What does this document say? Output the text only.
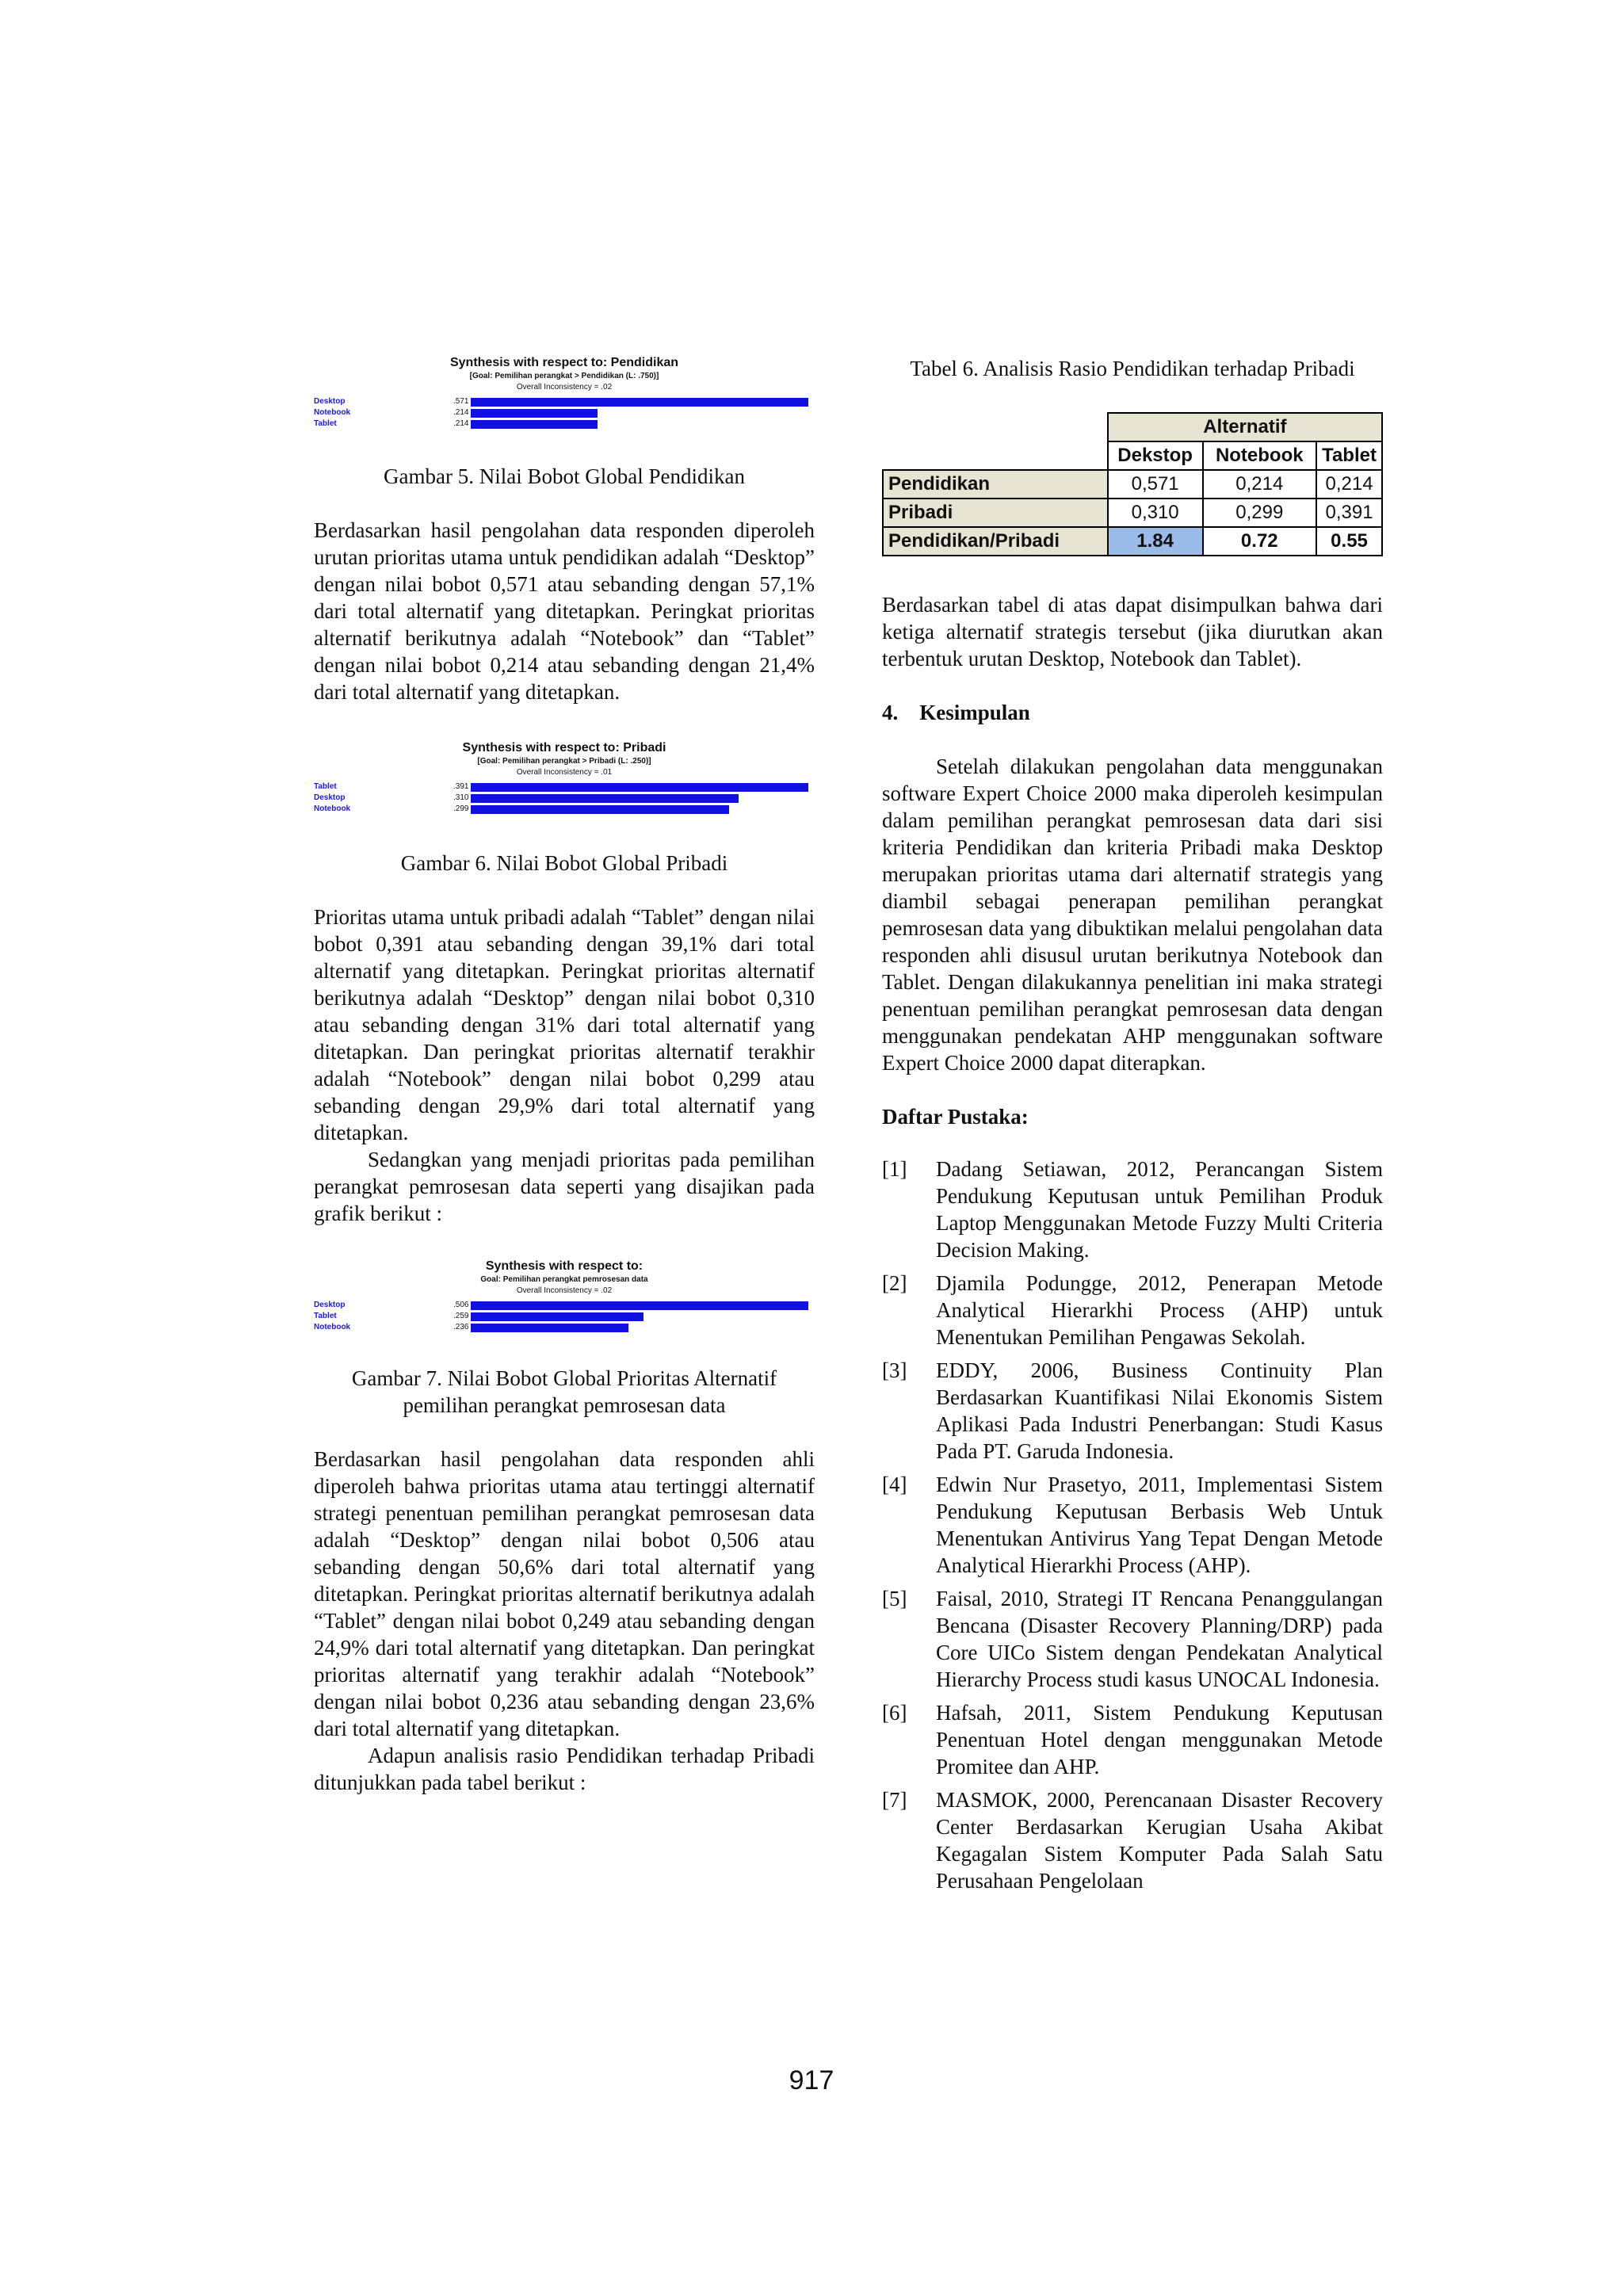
Synthesis with respect to: Pendidikan
[Goal: Pemilihan perangkat > Pendidikan (L: .750)]
Overall Inconsistency = .02
Desktop	.571
Notebook	.214
Tablet	.214

Gambar 5. Nilai Bobot Global Pendidikan

Berdasarkan hasil pengolahan data responden diperoleh urutan prioritas utama untuk pendidikan adalah “Desktop” dengan nilai bobot 0,571 atau sebanding dengan 57,1% dari total alternatif yang ditetapkan. Peringkat prioritas alternatif berikutnya adalah “Notebook” dan “Tablet” dengan nilai bobot 0,214 atau sebanding dengan 21,4% dari total alternatif yang ditetapkan.

Synthesis with respect to: Pribadi
[Goal: Pemilihan perangkat > Pribadi (L: .250)]
Overall Inconsistency = .01
Tablet	.391
Desktop	.310
Notebook	.299

Gambar 6. Nilai Bobot Global Pribadi

Prioritas utama untuk pribadi adalah “Tablet” dengan nilai bobot 0,391 atau sebanding dengan 39,1% dari total alternatif yang ditetapkan. Peringkat prioritas alternatif berikutnya adalah “Desktop” dengan nilai bobot 0,310 atau sebanding dengan 31% dari total alternatif yang ditetapkan. Dan peringkat prioritas alternatif terakhir adalah “Notebook” dengan nilai bobot 0,299 atau sebanding dengan 29,9% dari total alternatif yang ditetapkan.

Sedangkan yang menjadi prioritas pada pemilihan perangkat pemrosesan data seperti yang disajikan pada grafik berikut :

Synthesis with respect to:
Goal: Pemilihan perangkat pemrosesan data
Overall Inconsistency = .02
Desktop	.506
Tablet	.259
Notebook	.236

Gambar 7. Nilai Bobot Global Prioritas Alternatif

pemilihan perangkat pemrosesan data

Berdasarkan hasil pengolahan data responden ahli diperoleh bahwa prioritas utama atau tertinggi alternatif strategi penentuan pemilihan perangkat pemrosesan data adalah “Desktop” dengan nilai bobot 0,506 atau sebanding dengan 50,6% dari total alternatif yang ditetapkan. Peringkat prioritas alternatif berikutnya adalah “Tablet” dengan nilai bobot 0,249 atau sebanding dengan 24,9% dari total alternatif yang ditetapkan. Dan peringkat prioritas alternatif yang terakhir adalah “Notebook” dengan nilai bobot 0,236 atau sebanding dengan 23,6% dari total alternatif yang ditetapkan.

Adapun analisis rasio Pendidikan terhadap Pribadi ditunjukkan pada tabel berikut :

Tabel 6. Analisis Rasio Pendidikan terhadap Pribadi

	Alternatif		
	Dekstop	Notebook	Tablet
Pendidikan	0,571	0,214	0,214
Pribadi	0,310	0,299	0,391
Pendidikan/Pribadi	1.84	0.72	0.55

Berdasarkan tabel di atas dapat disimpulkan bahwa dari ketiga alternatif strategis tersebut (jika diurutkan akan terbentuk urutan Desktop, Notebook dan Tablet).

4.    Kesimpulan

Setelah dilakukan pengolahan data menggunakan software Expert Choice 2000 maka diperoleh kesimpulan dalam pemilihan perangkat pemrosesan data dari sisi kriteria Pendidikan dan kriteria Pribadi maka Desktop merupakan prioritas utama dari alternatif strategis yang diambil sebagai penerapan pemilihan perangkat pemrosesan data yang dibuktikan melalui pengolahan data responden ahli disusul urutan berikutnya Notebook dan Tablet. Dengan dilakukannya penelitian ini maka strategi penentuan pemilihan perangkat pemrosesan data dengan menggunakan pendekatan AHP menggunakan software Expert Choice 2000 dapat diterapkan.

Daftar Pustaka:
[1] Dadang Setiawan, 2012, Perancangan Sistem Pendukung Keputusan untuk Pemilihan Produk Laptop Menggunakan Metode Fuzzy Multi Criteria Decision Making.
[2] Djamila Podungge, 2012, Penerapan Metode Analytical Hierarkhi Process (AHP) untuk Menentukan Pemilihan Pengawas Sekolah.
[3] EDDY, 2006, Business Continuity Plan Berdasarkan Kuantifikasi Nilai Ekonomis Sistem Aplikasi Pada Industri Penerbangan: Studi Kasus Pada PT. Garuda Indonesia.
[4] Edwin Nur Prasetyo, 2011, Implementasi Sistem Pendukung Keputusan Berbasis Web Untuk Menentukan Antivirus Yang Tepat Dengan Metode Analytical Hierarkhi Process (AHP).
[5] Faisal, 2010, Strategi IT Rencana Penanggulangan Bencana (Disaster Recovery Planning/DRP) pada Core UICo Sistem dengan Pendekatan Analytical Hierarchy Process studi kasus UNOCAL Indonesia.
[6] Hafsah, 2011, Sistem Pendukung Keputusan Penentuan Hotel dengan menggunakan Metode Promitee dan AHP.
[7] MASMOK, 2000, Perencanaan Disaster Recovery Center Berdasarkan Kerugian Usaha Akibat Kegagalan Sistem Komputer Pada Salah Satu Perusahaan Pengelolaan
917
